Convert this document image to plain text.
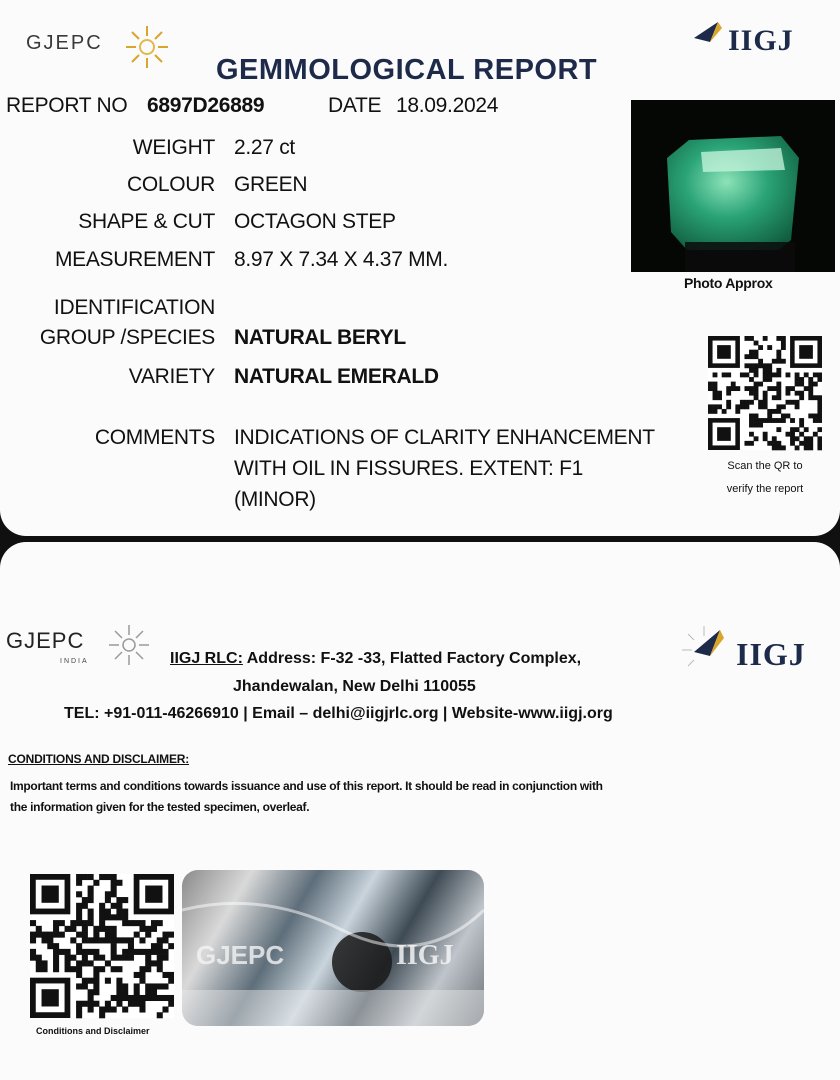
GJEPC	IIGJ
GEMMOLOGICAL REPORT
REPORT NO 6897D26889	DATE 18.09.2024
WEIGHT 2.27 ct
COLOUR GREEN
SHAPE & CUT OCTAGON STEP
MEASUREMENT 8.97 X 7.34 X 4.37 MM.
IDENTIFICATION
GROUP /SPECIES NATURAL BERYL
VARIETY NATURAL EMERALD
COMMENTS INDICATIONS OF CLARITY ENHANCEMENT
WITH OIL IN FISSURES. EXTENT: F1
(MINOR)
Photo Approx
Scan the QR to
verify the report
GJEPC
INDIA	IIGJ
IIGJ RLC: Address: F-32 -33, Flatted Factory Complex,
Jhandewalan, New Delhi 110055
TEL: +91-011-46266910 | Email – delhi@iigjrlc.org | Website-www.iigj.org
CONDITIONS AND DISCLAIMER:
Important terms and conditions towards issuance and use of this report. It should be read in conjunction with
the information given for the tested specimen, overleaf.
Conditions and Disclaimer
GJEPC	IIGJ
